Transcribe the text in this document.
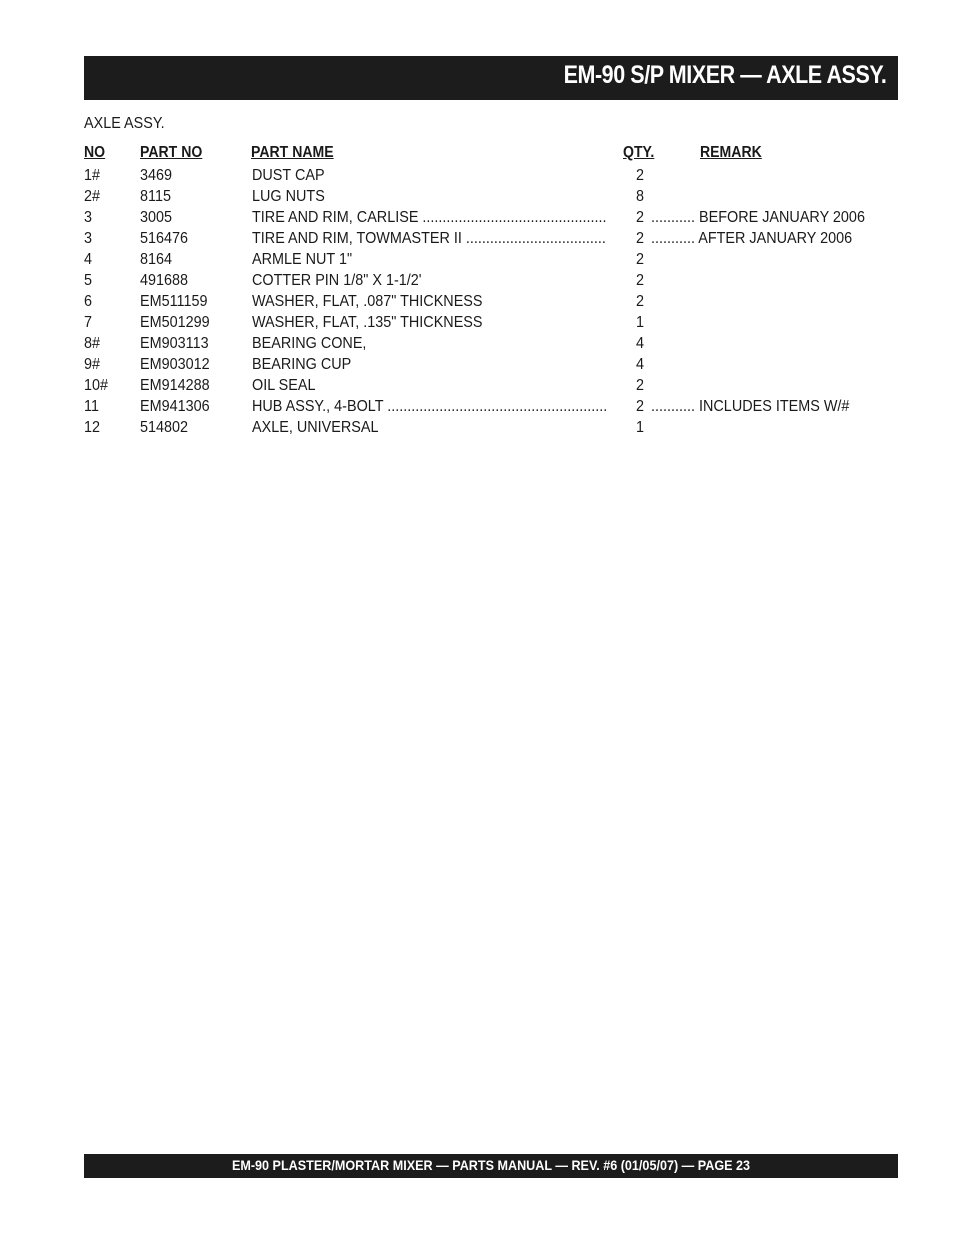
EM-90 S/P MIXER — AXLE ASSY.
AXLE ASSY.
NO PART NO	PART NAME	QTY.	REMARK
1# 3469	DUST CAP	2
2# 8115	LUG NUTS	8
3	3005	TIRE AND RIM, CARLISE .............................................. 2 ........... BEFORE JANUARY 2006
3	516476	TIRE AND RIM, TOWMASTER II ................................... 2 ........... AFTER JANUARY 2006
4	8164	ARMLE NUT 1"	2
5	491688	COTTER PIN 1/8" X 1-1/2'	2
6	EM511159	WASHER, FLAT, .087" THICKNESS	2
7	EM501299	WASHER, FLAT, .135" THICKNESS	1
8# EM903113	BEARING CONE,	4
9# EM903012	BEARING CUP	4
10# EM914288	OIL SEAL	2
11	EM941306	HUB ASSY., 4-BOLT ....................................................... 2 ........... INCLUDES ITEMS W/#
12 514802	AXLE, UNIVERSAL	1
EM-90 PLASTER/MORTAR MIXER — PARTS MANUAL — REV. #6 (01/05/07) — PAGE 23
